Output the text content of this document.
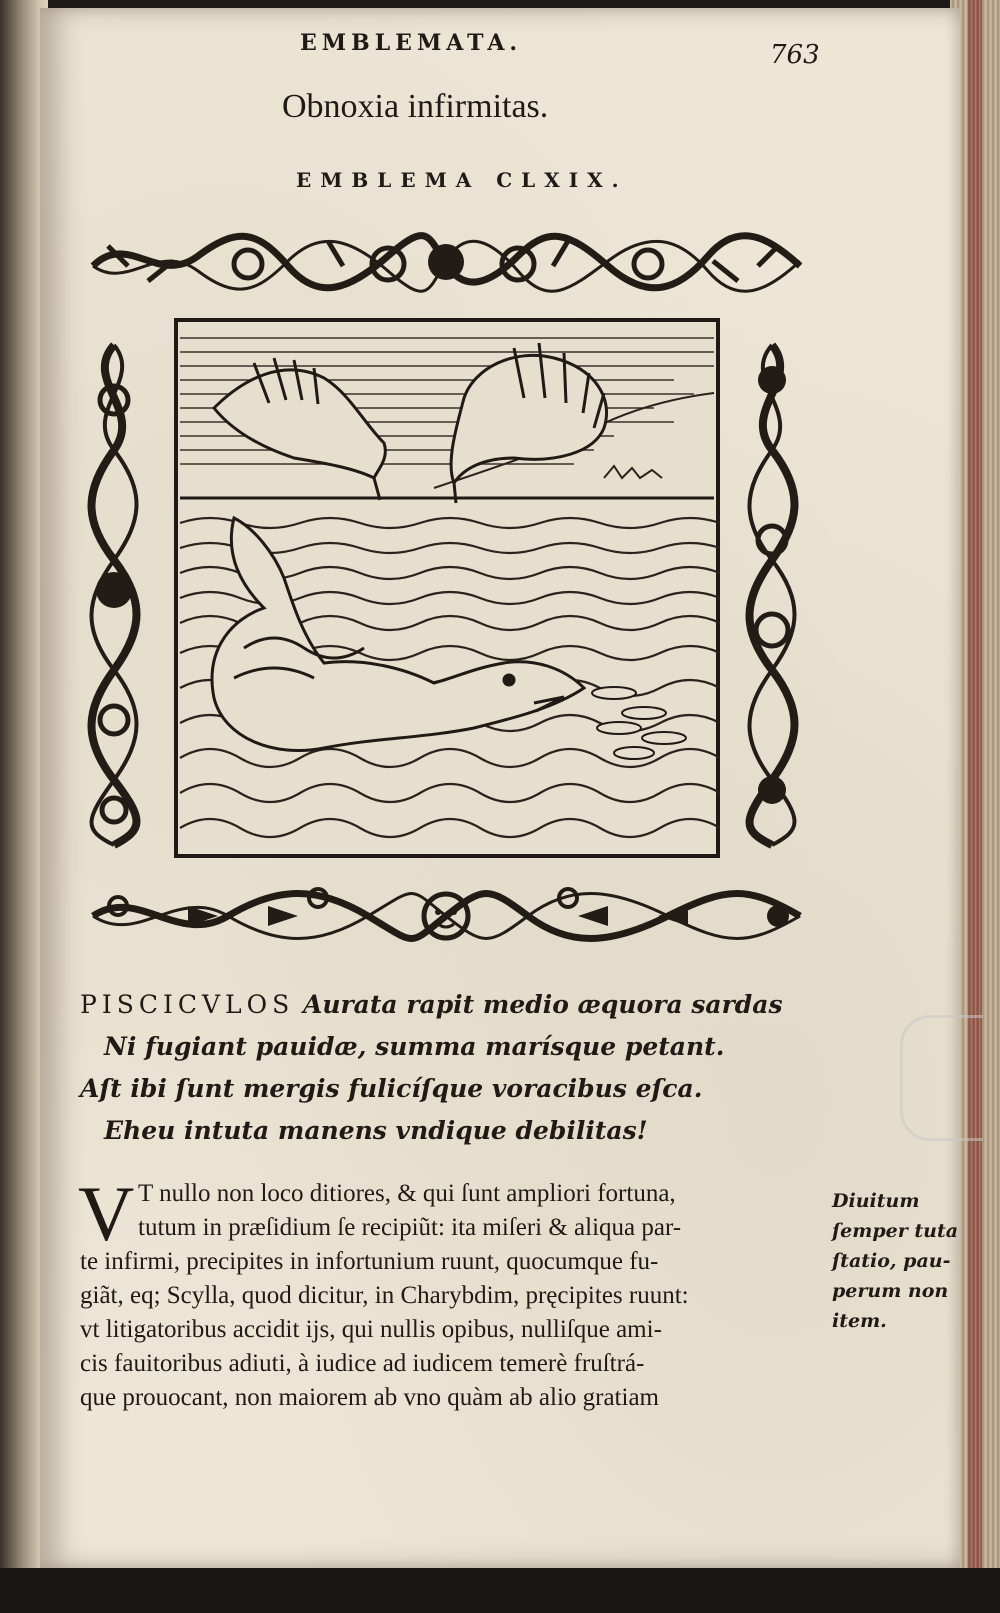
EMBLEMATA.	763
Obnoxia infirmitas.
EMBLEMA CLXIX.
PISCICVLOS Aurata rapit medio æquora sardas
Ni fugiant pauidæ, summa marísque petant.
Aſt ibi ſunt mergis fulicíſque voracibus eſca.
Eheu intuta manens vndique debilitas!
V T nullo non loco ditiores, & qui ſunt ampliori fortuna,
tutum in præſidium ſe recipiũt: ita miſeri & aliqua par-
te infirmi, precipites in infortunium ruunt, quocumque fu-
giãt, eq; Scylla, quod dicitur, in Charybdim, pręcipites ruunt:
vt litigatoribus accidit ijs, qui nullis opibus, nulliſque ami-
cis fauitoribus adiuti, à iudice ad iudicem temerè fruſtrá-
que prouocant, non maiorem ab vno quàm ab alio gratiam
Diuitum
ſemper tuta
ſtatio, pau-
perum non
item.
